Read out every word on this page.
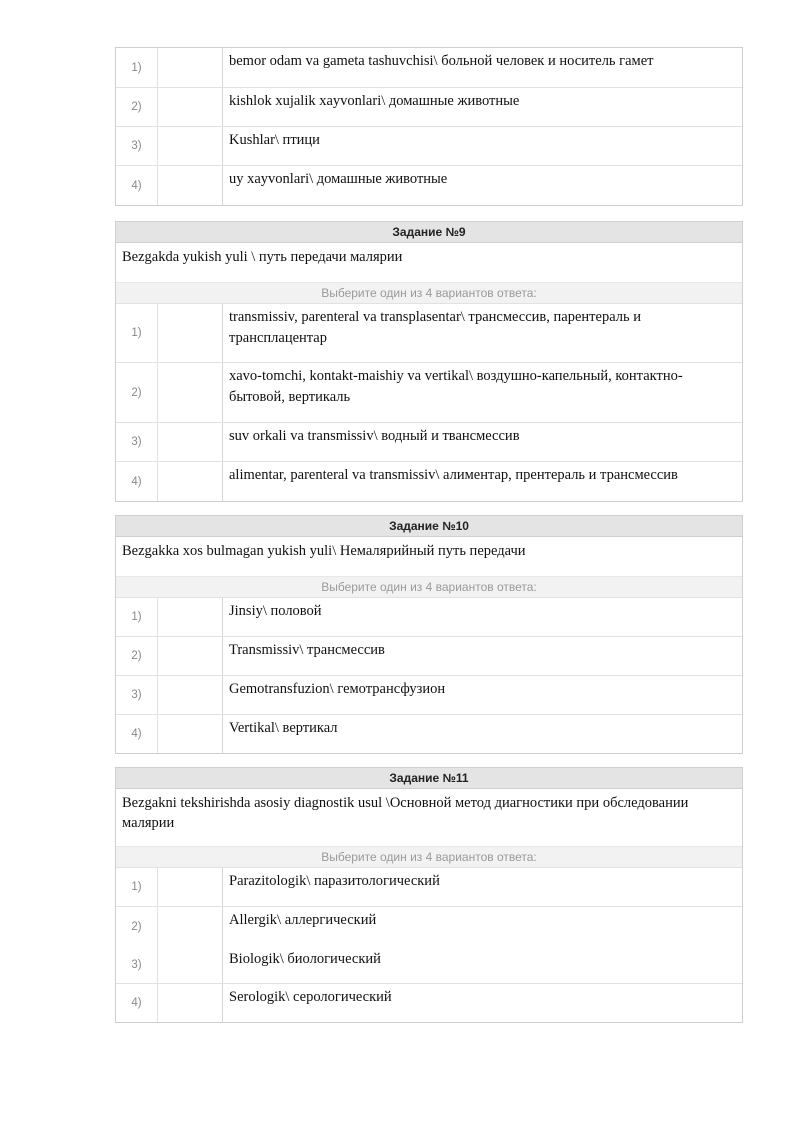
1)	bemor odam va gameta tashuvchisi\ больной человек и носитель гамет
2)	kishlok xujalik xayvonlari\ домашные животные
3)	Kushlar\ птици
4)	uy xayvonlari\ домашные животные
Задание №9
Bezgakda yukish yuli \ путь передачи малярии
Выберите один из 4 вариантов ответа:
1)
transmissiv, parenteral va transplasentar\ трансмессив, парентераль и трансплацентар
2)
xavo-tomchi, kontakt-maishiy va vertikal\ воздушно-капельный, контактно-бытовой, вертикаль
3)	suv orkali va transmissiv\ водный и твансмессив
4)	alimentar, parenteral va transmissiv\ алиментар, прентераль и трансмессив
Задание №10
Bezgakka xos bulmagan yukish yuli\ Немалярийный путь передачи
Выберите один из 4 вариантов ответа:
1)	Jinsiy\ половой
2)	Transmissiv\ трансмессив
3)	Gemotransfuzion\ гемотрансфузион
4)	Vertikal\ вертикал
Задание №11
Bezgakni tekshirishda asosiy diagnostik usul \Основной метод диагностики при обследовании малярии
Выберите один из 4 вариантов ответа:
1)	Parazitologik\ паразитологический
2)	Allergik\ аллергический
3)	Biologik\ биологический
4)	Serologik\ серологический
